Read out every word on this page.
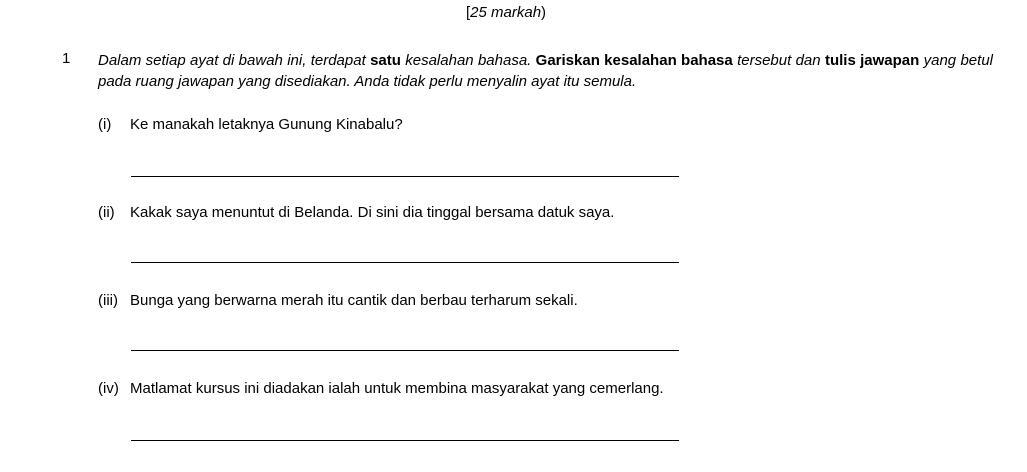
[25 markah)
1 Dalam setiap ayat di bawah ini, terdapat satu kesalahan bahasa. Gariskan kesalahan bahasa tersebut dan tulis jawapan yang betul pada ruang jawapan yang disediakan. Anda tidak perlu menyalin ayat itu semula.
(i) Ke manakah letaknya Gunung Kinabalu?
(ii) Kakak saya menuntut di Belanda. Di sini dia tinggal bersama datuk saya.
(iii) Bunga yang berwarna merah itu cantik dan berbau terharum sekali.
(iv) Matlamat kursus ini diadakan ialah untuk membina masyarakat yang cemerlang.
